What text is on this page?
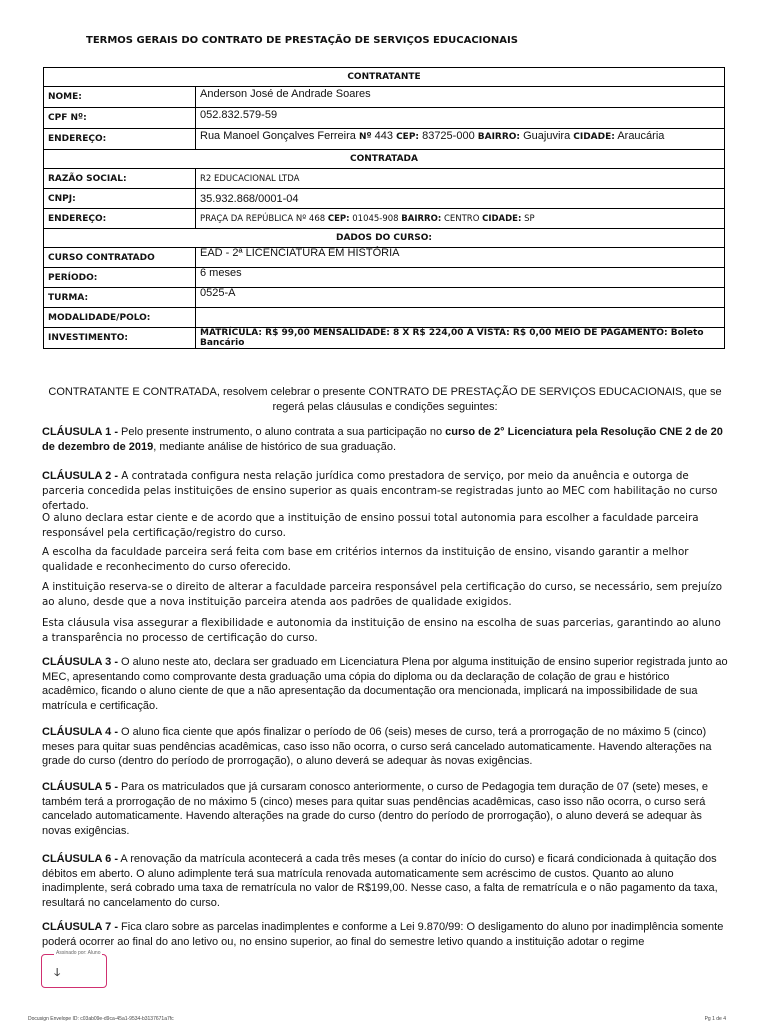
TERMOS GERAIS DO CONTRATO DE PRESTAÇÃO DE SERVIÇOS EDUCACIONAIS
CONTRATANTE	
NOME:	Anderson José de Andrade Soares
CPF Nº:	052.832.579-59
ENDEREÇO:	Rua Manoel Gonçalves Ferreira Nº 443 CEP: 83725-000 BAIRRO: Guajuvira CIDADE: Araucária
CONTRATADA	
RAZÃO SOCIAL:	R2 EDUCACIONAL LTDA
CNPJ:	35.932.868/0001-04
ENDEREÇO:	PRAÇA DA REPÚBLICA Nº 468 CEP: 01045-908 BAIRRO: CENTRO CIDADE: SP
DADOS DO CURSO:	
CURSO CONTRATADO	EAD - 2ª LICENCIATURA EM HISTÓRIA
PERÍODO:	6 meses
TURMA:	0525-A
MODALIDADE/POLO:	
INVESTIMENTO:	MATRÍCULA: R$ 99,00 MENSALIDADE: 8 X R$ 224,00 A VISTA: R$ 0,00 MEIO DE PAGAMENTO: Boleto Bancário
CONTRATANTE E CONTRATADA, resolvem celebrar o presente CONTRATO DE PRESTAÇÃO DE SERVIÇOS EDUCACIONAIS, que se regerá pelas cláusulas e condições seguintes:
CLÁUSULA 1 - Pelo presente instrumento, o aluno contrata a sua participação no curso de 2° Licenciatura pela Resolução CNE 2 de 20 de dezembro de 2019, mediante análise de histórico de sua graduação.
CLÁUSULA 2 - A contratada configura nesta relação jurídica como prestadora de serviço, por meio da anuência e outorga de parceria concedida pelas instituições de ensino superior as quais encontram-se registradas junto ao MEC com habilitação no curso ofertado.
O aluno declara estar ciente e de acordo que a instituição de ensino possui total autonomia para escolher a faculdade parceira responsável pela certificação/registro do curso.
A escolha da faculdade parceira será feita com base em critérios internos da instituição de ensino, visando garantir a melhor qualidade e reconhecimento do curso oferecido.
A instituição reserva-se o direito de alterar a faculdade parceira responsável pela certificação do curso, se necessário, sem prejuízo ao aluno, desde que a nova instituição parceira atenda aos padrões de qualidade exigidos.
Esta cláusula visa assegurar a flexibilidade e autonomia da instituição de ensino na escolha de suas parcerias, garantindo ao aluno a transparência no processo de certificação do curso.
CLÁUSULA 3 - O aluno neste ato, declara ser graduado em Licenciatura Plena por alguma instituição de ensino superior registrada junto ao MEC, apresentando como comprovante desta graduação uma cópia do diploma ou da declaração de colação de grau e histórico acadêmico, ficando o aluno ciente de que a não apresentação da documentação ora mencionada, implicará na impossibilidade de sua matrícula e certificação.
CLÁUSULA 4 - O aluno fica ciente que após finalizar o período de 06 (seis) meses de curso, terá a prorrogação de no máximo 5 (cinco) meses para quitar suas pendências acadêmicas, caso isso não ocorra, o curso será cancelado automaticamente. Havendo alterações na grade do curso (dentro do período de prorrogação), o aluno deverá se adequar às novas exigências.
CLÁUSULA 5 - Para os matriculados que já cursaram conosco anteriormente, o curso de Pedagogia tem duração de 07 (sete) meses, e também terá a prorrogação de no máximo 5 (cinco) meses para quitar suas pendências acadêmicas, caso isso não ocorra, o curso será cancelado automaticamente. Havendo alterações na grade do curso (dentro do período de prorrogação), o aluno deverá se adequar às novas exigências.
CLÁUSULA 6 - A renovação da matrícula acontecerá a cada três meses (a contar do início do curso) e ficará condicionada à quitação dos débitos em aberto. O aluno adimplente terá sua matrícula renovada automaticamente sem acréscimo de custos. Quanto ao aluno inadimplente, será cobrado uma taxa de rematrícula no valor de R$199,00. Nesse caso, a falta de rematrícula e o não pagamento da taxa, resultará no cancelamento do curso.
CLÁUSULA 7 - Fica claro sobre as parcelas inadimplentes e conforme a Lei 9.870/99: O desligamento do aluno por inadimplência somente poderá ocorrer ao final do ano letivo ou, no ensino superior, ao final do semestre letivo quando a instituição adotar o regime
Assinado por: Aluno
ↆ
Docusign Envelope ID: c03ab09e-d9ca-45a1-9534-b3137671a7fc	Pg 1 de 4
